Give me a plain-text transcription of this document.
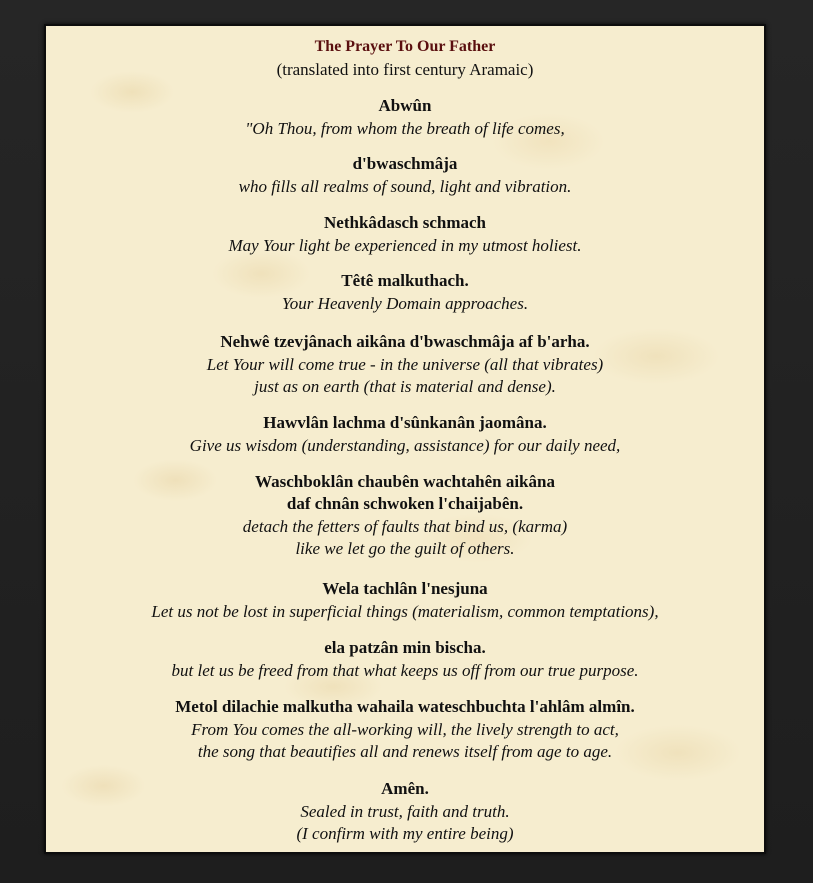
The Prayer To Our Father

(translated into first century Aramaic)

Abwûn

"Oh Thou, from whom the breath of life comes,

d'bwaschmâja

who fills all realms of sound, light and vibration.

Nethkâdasch schmach

May Your light be experienced in my utmost holiest.

Têtê malkuthach.

Your Heavenly Domain approaches.

Nehwê tzevjânach aikâna d'bwaschmâja af b'arha.

Let Your will come true - in the universe (all that vibrates)

just as on earth (that is material and dense).

Hawvlân lachma d'sûnkanân jaomâna.

Give us wisdom (understanding, assistance) for our daily need,

Waschboklân chaubên wachtahên aikâna

daf chnân schwoken l'chaijabên.

detach the fetters of faults that bind us, (karma)

like we let go the guilt of others.

Wela tachlân l'nesjuna

Let us not be lost in superficial things (materialism, common temptations),

ela patzân min bischa.

but let us be freed from that what keeps us off from our true purpose.

Metol dilachie malkutha wahaila wateschbuchta l'ahlâm almîn.

From You comes the all-working will, the lively strength to act,

the song that beautifies all and renews itself from age to age.

Amên.

Sealed in trust, faith and truth.

(I confirm with my entire being)
